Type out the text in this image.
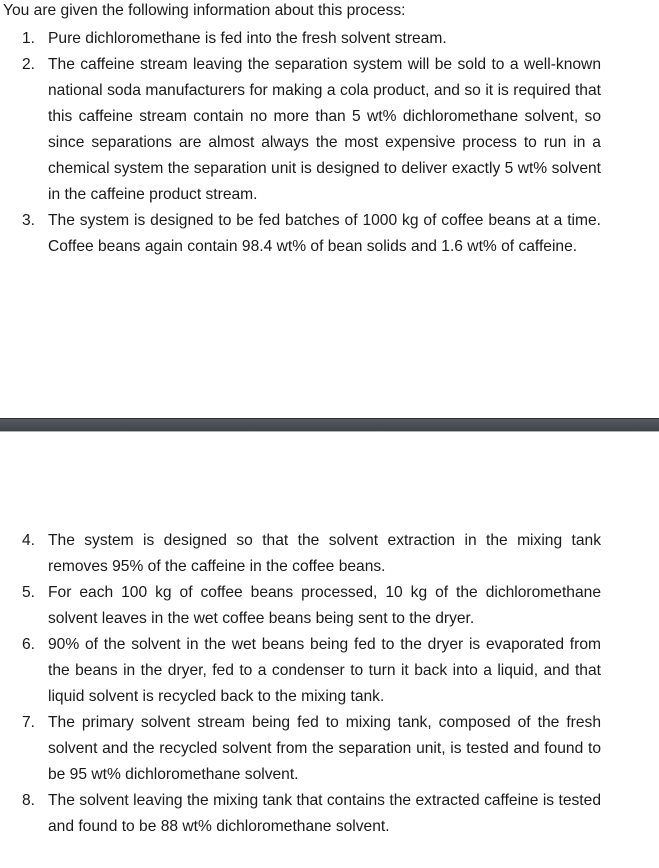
You are given the following information about this process:
1. Pure dichloromethane is fed into the fresh solvent stream.
2. The caffeine stream leaving the separation system will be sold to a well-known national soda manufacturers for making a cola product, and so it is required that this caffeine stream contain no more than 5 wt% dichloromethane solvent, so since separations are almost always the most expensive process to run in a chemical system the separation unit is designed to deliver exactly 5 wt% solvent in the caffeine product stream.
3. The system is designed to be fed batches of 1000 kg of coffee beans at a time. Coffee beans again contain 98.4 wt% of bean solids and 1.6 wt% of caffeine.
4. The system is designed so that the solvent extraction in the mixing tank removes 95% of the caffeine in the coffee beans.
5. For each 100 kg of coffee beans processed, 10 kg of the dichloromethane solvent leaves in the wet coffee beans being sent to the dryer.
6. 90% of the solvent in the wet beans being fed to the dryer is evaporated from the beans in the dryer, fed to a condenser to turn it back into a liquid, and that liquid solvent is recycled back to the mixing tank.
7. The primary solvent stream being fed to mixing tank, composed of the fresh solvent and the recycled solvent from the separation unit, is tested and found to be 95 wt% dichloromethane solvent.
8. The solvent leaving the mixing tank that contains the extracted caffeine is tested and found to be 88 wt% dichloromethane solvent.
